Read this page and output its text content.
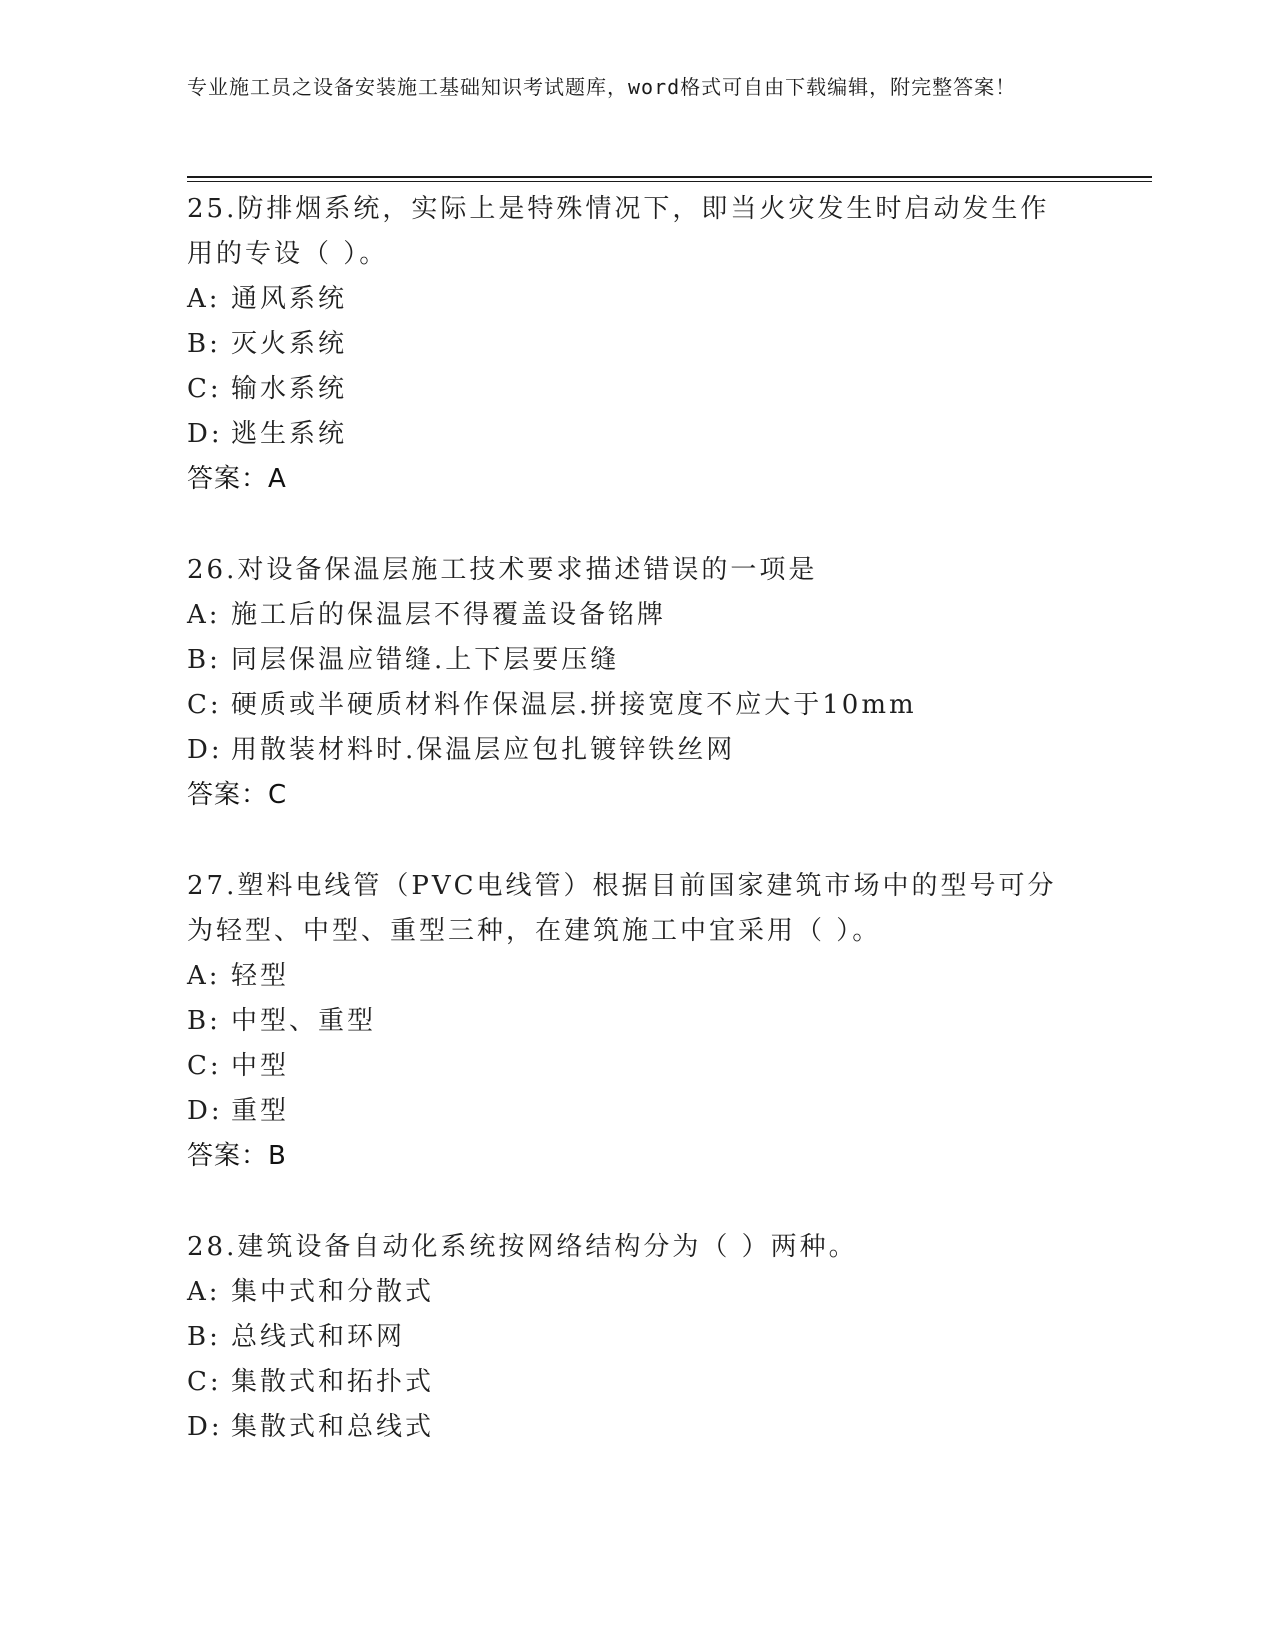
专业施工员之设备安装施工基础知识考试题库，word格式可自由下载编辑，附完整答案！
25.防排烟系统，实际上是特殊情况下，即当火灾发生时启动发生作用的专设（ ）。
A: 通风系统
B: 灭火系统
C: 输水系统
D: 逃生系统
答案：A
26.对设备保温层施工技术要求描述错误的一项是
A: 施工后的保温层不得覆盖设备铭牌
B: 同层保温应错缝.上下层要压缝
C: 硬质或半硬质材料作保温层.拼接宽度不应大于10mm
D: 用散装材料时.保温层应包扎镀锌铁丝网
答案：C
27.塑料电线管（PVC电线管）根据目前国家建筑市场中的型号可分为轻型、中型、重型三种，在建筑施工中宜采用（ ）。
A: 轻型
B: 中型、重型
C: 中型
D: 重型
答案：B
28.建筑设备自动化系统按网络结构分为（ ）两种。
A: 集中式和分散式
B: 总线式和环网
C: 集散式和拓扑式
D: 集散式和总线式
